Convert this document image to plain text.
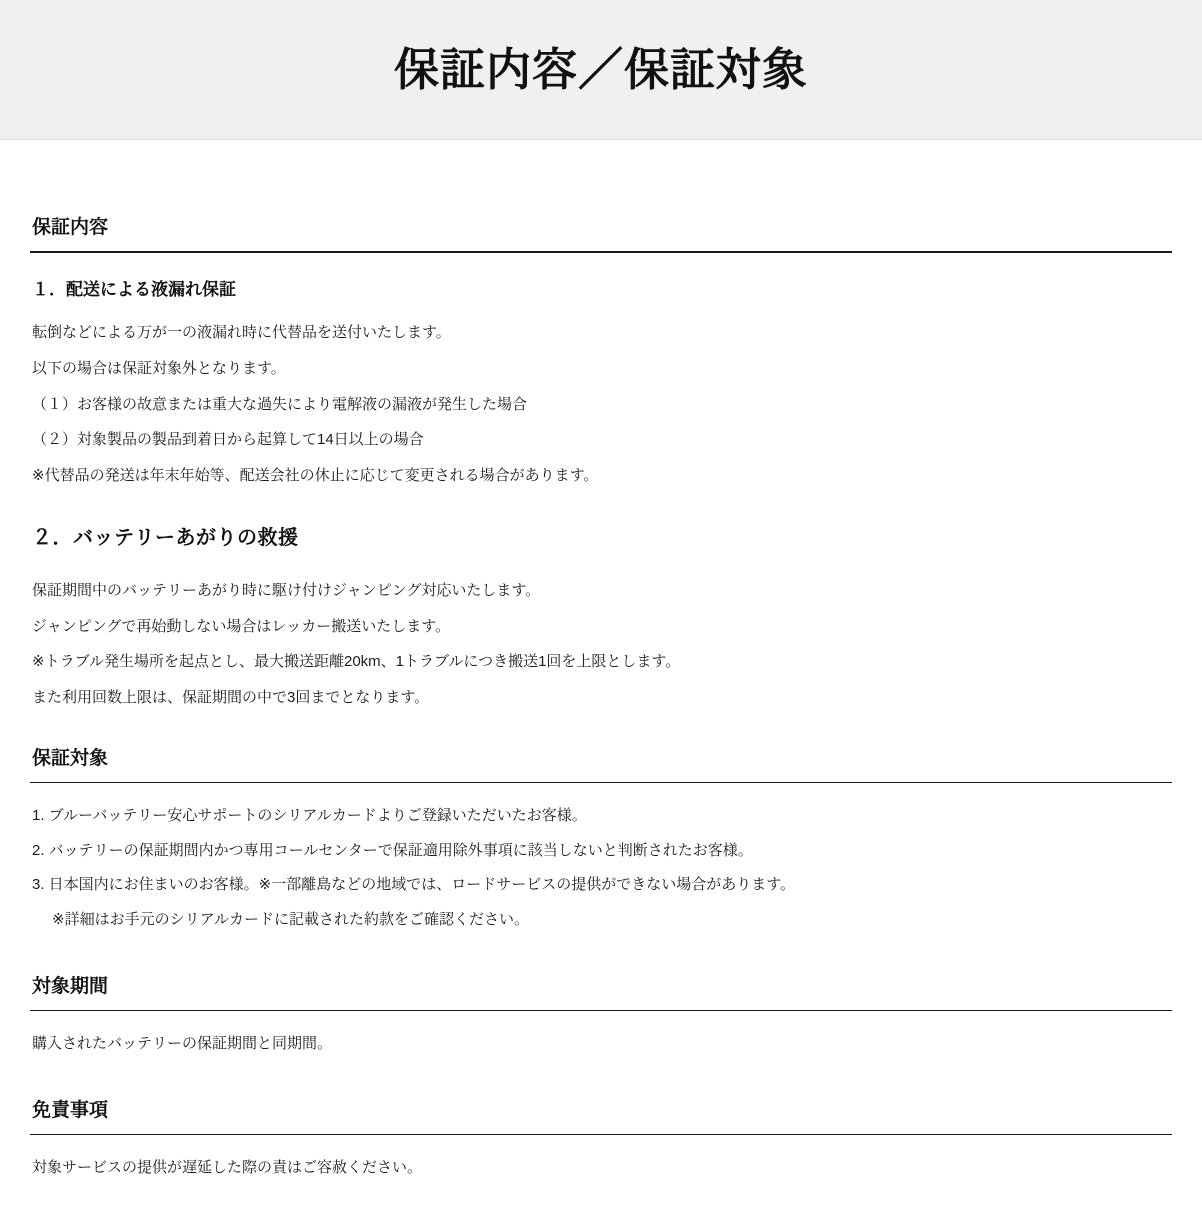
保証内容／保証対象
保証内容
１．配送による液漏れ保証

転倒などによる万が一の液漏れ時に代替品を送付いたします。

以下の場合は保証対象外となります。

（１）お客様の故意または重大な過失により電解液の漏液が発生した場合

（２）対象製品の製品到着日から起算して14日以上の場合

※代替品の発送は年末年始等、配送会社の休止に応じて変更される場合があります。

２．バッテリーあがりの救援

保証期間中のバッテリーあがり時に駆け付けジャンピング対応いたします。

ジャンピングで再始動しない場合はレッカー搬送いたします。

※トラブル発生場所を起点とし、最大搬送距離20km、1トラブルにつき搬送1回を上限とします。

また利用回数上限は、保証期間の中で3回までとなります。

保証対象

1. ブルーバッテリー安心サポートのシリアルカードよりご登録いただいたお客様。

2. バッテリーの保証期間内かつ専用コールセンターで保証適用除外事項に該当しないと判断されたお客様。

3. 日本国内にお住まいのお客様。※一部離島などの地域では、ロードサービスの提供ができない場合があります。

※詳細はお手元のシリアルカードに記載された約款をご確認ください。

対象期間

購入されたバッテリーの保証期間と同期間。

免責事項

対象サービスの提供が遅延した際の責はご容赦ください。
